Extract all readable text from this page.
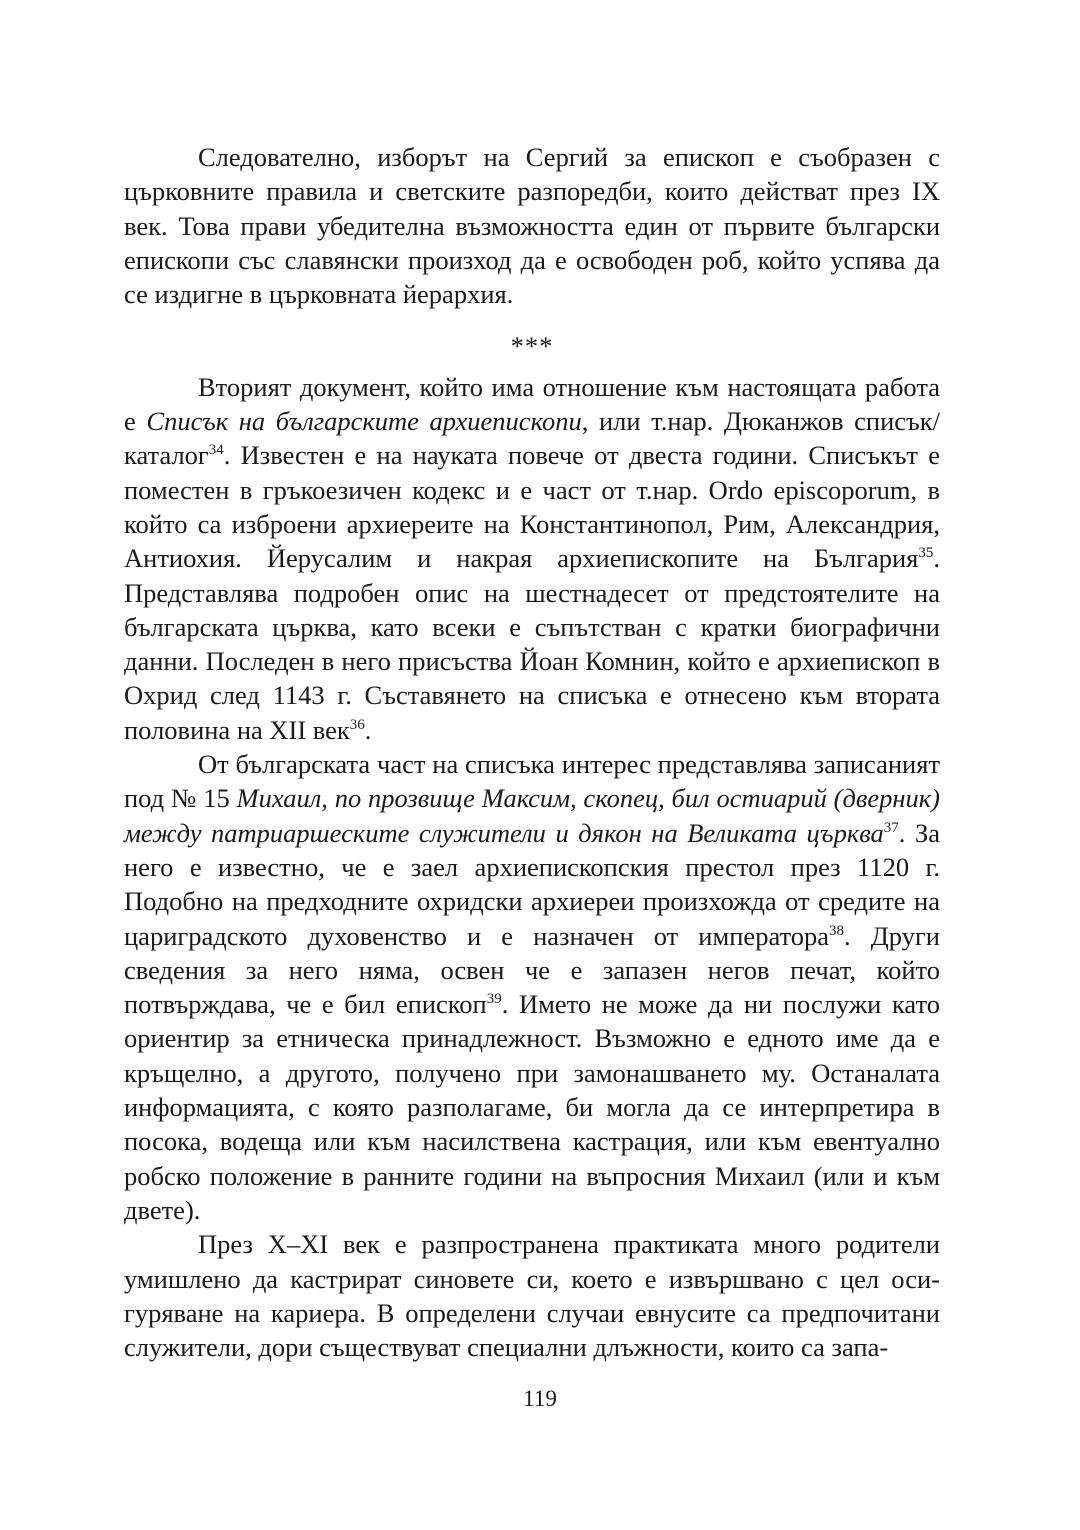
Следователно, изборът на Сергий за епископ е съобразен с църковните правила и светските разпоредби, които действат през IX век. Това прави убедителна възможността един от първите български епископи със славянски произход да е освободен роб, който успява да се издигне в църковната йерархия.

***

Вторият документ, който има отношение към настоящата работа е Списък на българските архиепископи, или т.нар. Дюканжов списък/каталог$^{34}$. Известен е на науката повече от двеста години. Списъкът е поместен в гръкоезичен кодекс и е част от т.нар. Ordo episcoporum, в който са изброени архиереите на Константинопол, Рим, Александрия, Антиохия. Йерусалим и накрая архиепископите на България$^{35}$. Представлява подробен опис на шестнадесет от предстоятелите на българската църква, като всеки е съпътстван с кратки биографични данни. Последен в него присъства Йоан Комнин, който е архиепископ в Охрид след 1143 г. Съставянето на списъка е отнесено към втората половина на XII век$^{36}$.

От българската част на списъка интерес представлява записаният под № 15 Михаил, по прозвище Максим, скопец, бил остиарий (дверник) между патриаршеските служители и дякон на Великата църква$^{37}$. За него е известно, че е заел архиепископския престол през 1120 г. Подобно на предходните охридски архиереи произхожда от средите на цариградското духовенство и е назначен от императора$^{38}$. Други сведения за него няма, освен че е запазен негов печат, който потвърждава, че е бил епископ$^{39}$. Името не може да ни послужи като ориентир за етническа принадлежност. Възможно е едното име да е кръщелно, а другото, получено при замонашването му. Останалата информацията, с която разполагаме, би могла да се интерпретира в посока, водеща или към насилствена кастрация, или към евентуално робско положение в ранните години на въпросния Михаил (или и към двете).

През X–XI век е разпространена практиката много родители умишлено да кастрират синовете си, което е извършвано с цел осигуряване на кариера. В определени случаи евнусите са предпочитани служители, дори съществуват специални длъжности, които са запа-

119
